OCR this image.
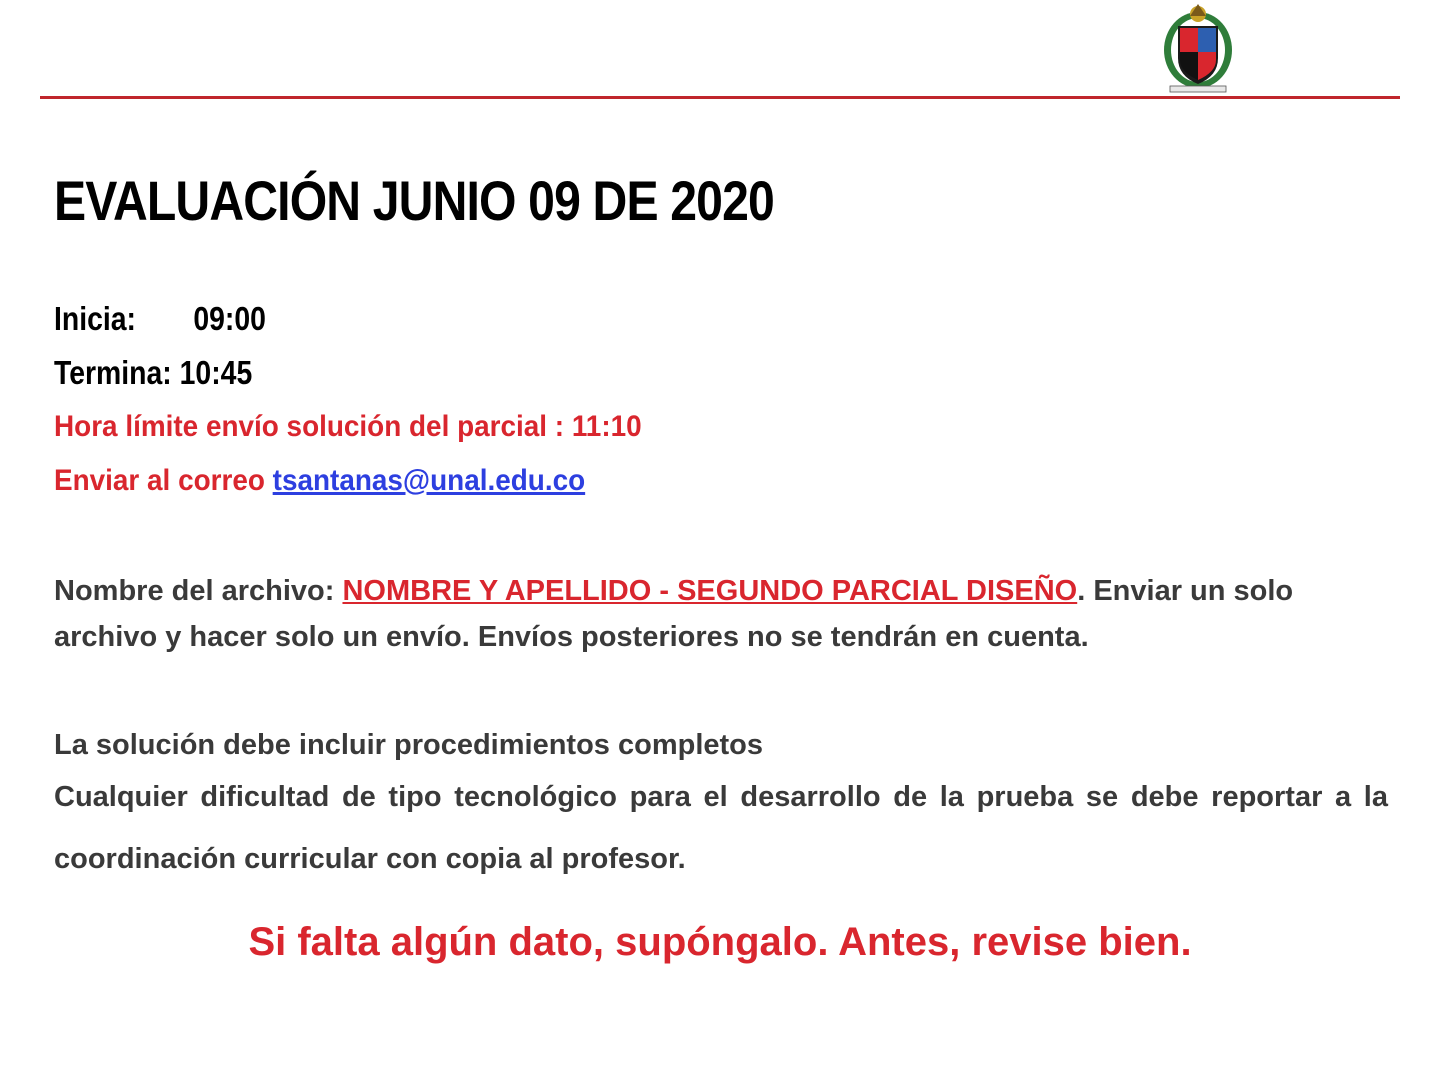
EVALUACIÓN JUNIO 09 DE 2020

Inicia: 09:00

Termina: 10:45

Hora límite envío solución del parcial : 11:10

Enviar al correo tsantanas@unal.edu.co

Nombre del archivo: NOMBRE Y APELLIDO - SEGUNDO PARCIAL DISEÑO. Enviar un solo archivo y hacer solo un envío. Envíos posteriores no se tendrán en cuenta.

La solución debe incluir procedimientos completos

Cualquier dificultad de tipo tecnológico para el desarrollo de la prueba se debe reportar a la coordinación curricular con copia al profesor.

Si falta algún dato, supóngalo. Antes, revise bien.
